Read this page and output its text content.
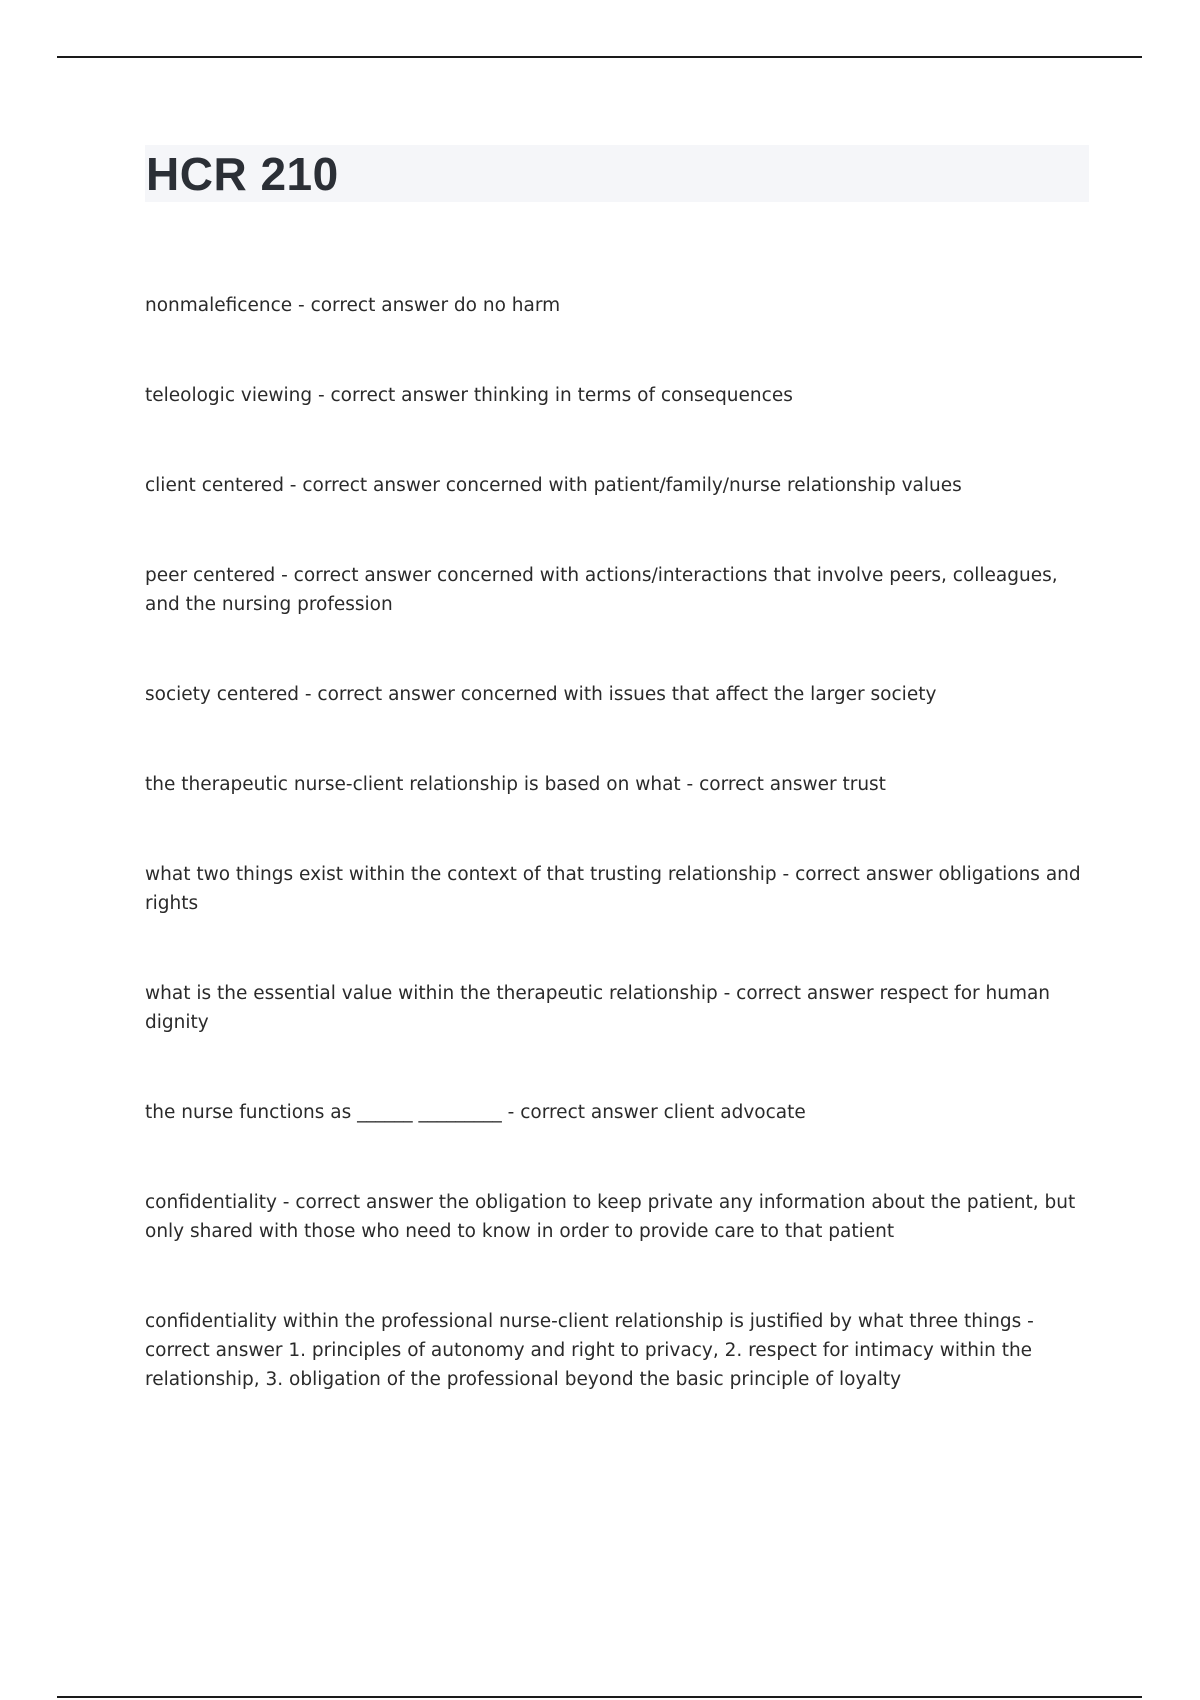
HCR 210
nonmaleficence - correct answer do no harm
teleologic viewing - correct answer thinking in terms of consequences
client centered - correct answer concerned with patient/family/nurse relationship values
peer centered - correct answer concerned with actions/interactions that involve peers, colleagues, and the nursing profession
society centered - correct answer concerned with issues that affect the larger society
the therapeutic nurse-client relationship is based on what - correct answer trust
what two things exist within the context of that trusting relationship - correct answer obligations and rights
what is the essential value within the therapeutic relationship - correct answer respect for human dignity
the nurse functions as ______ _________ - correct answer client advocate
confidentiality - correct answer the obligation to keep private any information about the patient, but only shared with those who need to know in order to provide care to that patient
confidentiality within the professional nurse-client relationship is justified by what three things - correct answer 1. principles of autonomy and right to privacy, 2. respect for intimacy within the relationship, 3. obligation of the professional beyond the basic principle of loyalty
